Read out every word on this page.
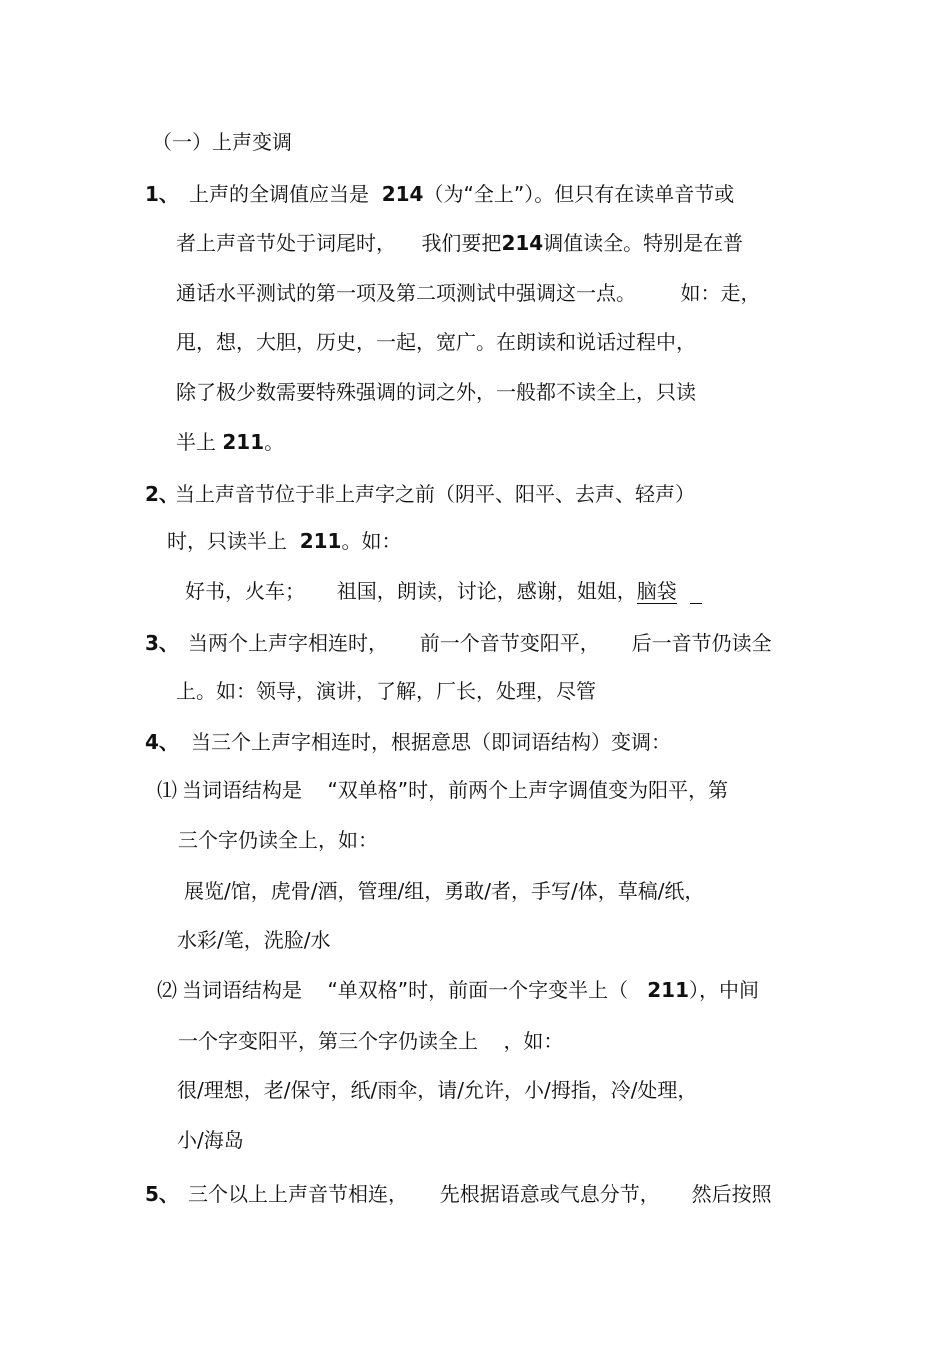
（一）上声变调

1、 上声的全调值应当是 214（为“全上”）。但只有在读单音节或

者上声音节处于词尾时， 我们要把214调值读全。特别是在普

通话水平测试的第一项及第二项测试中强调这一点。 如：走，

甩，想，大胆，历史，一起，宽广。在朗读和说话过程中，

除了极少数需要特殊强调的词之外，一般都不读全上，只读

半上 211。

2、

当上声音节位于非上声字之前（阴平、阳平、去声、轻声）

时，只读半上 211。如：

好书，火车； 祖国，朗读，讨论，感谢，姐姐，脑袋

3、 当两个上声字相连时， 前一个音节变阳平， 后一音节仍读全

上。如：领导，演讲，了解，厂长，处理，尽管

4、 当三个上声字相连时，根据意思（即词语结构）变调：

⑴ 当词语结构是 “双单格”时，前两个上声字调值变为阳平，第

三个字仍读全上，如：

展览/馆，虎骨/酒，管理/组，勇敢/者，手写/体，草稿/纸，

水彩/笔，洗脸/水

⑵ 当词语结构是 “单双格”时，前面一个字变半上（ 211），中间

一个字变阳平，第三个字仍读全上 ，如：

很/理想，老/保守，纸/雨伞，请/允许，小/拇指，冷/处理，

小/海岛

5、 三个以上上声音节相连， 先根据语意或气息分节， 然后按照
